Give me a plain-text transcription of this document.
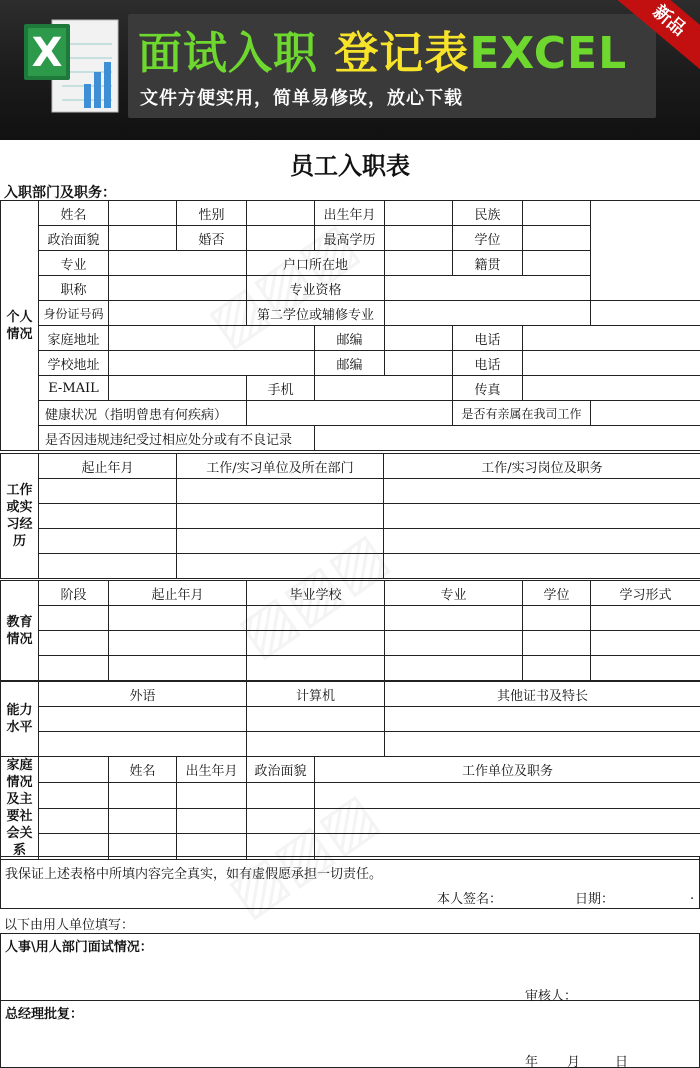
X 面试入职 登记表EXCEL
文件方便实用，简单易修改，放心下载
新品
员工入职表
入职部门及职务：
个人情况	姓名		性别		出生年月		民族		
	政治面貌		婚否		最高学历		学位		
	专业			户口所在地			籍贯		
	职称			专业资格					
	身份证号码			第二学位或辅修专业					
	家庭地址				邮编		电话		
	学校地址				邮编		电话		
	E-MAIL			手机			传真		
	健康状况（指明曾患有何疾病）						是否有亲属在我司工作		
	是否因违规违纪受过相应处分或有不良记录								
工作或实习经历	起止年月	工作/实习单位及所在部门	工作/实习岗位及职务

教育情况	阶段	起止年月	毕业学校	专业	学位	学习形式

能力水平	外语	计算机	其他证书及特长

家庭情况及主要社会关系		姓名	出生年月	政治面貌	工作单位及职务

我保证上述表格中所填内容完全真实，如有虚假愿承担一切责任。
本人签名：	日期：	.
以下由用人单位填写：
人事\用人部门面试情况：
审核人：
总经理批复：
年 月	日
